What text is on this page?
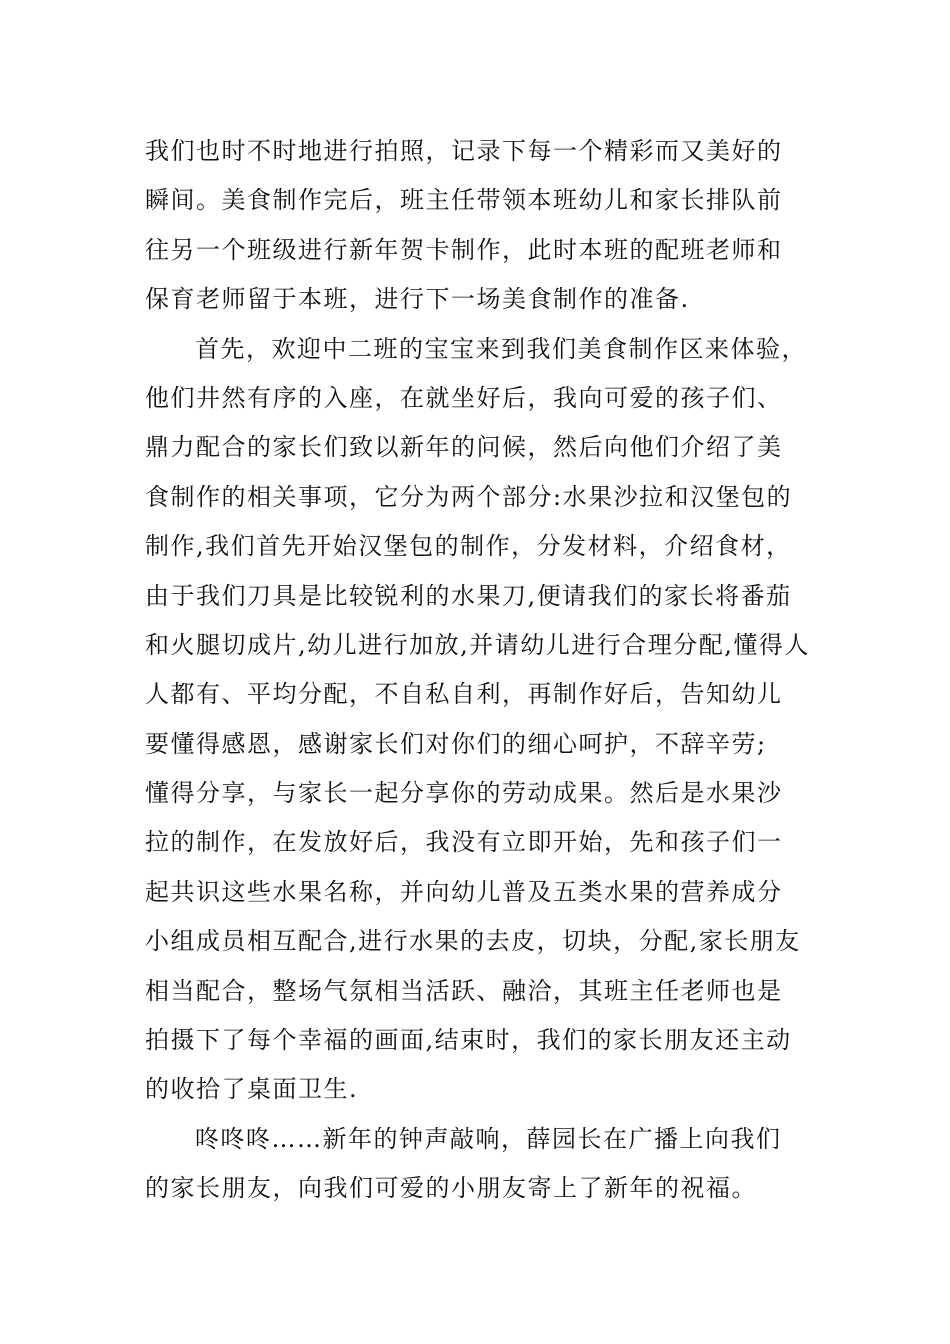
我们也时不时地进行拍照，记录下每一个精彩而又美好的
瞬间。美食制作完后，班主任带领本班幼儿和家长排队前
往另一个班级进行新年贺卡制作，此时本班的配班老师和
保育老师留于本班，进行下一场美食制作的准备.
首先，欢迎中二班的宝宝来到我们美食制作区来体验，
他们井然有序的入座，在就坐好后，我向可爱的孩子们、
鼎力配合的家长们致以新年的问候，然后向他们介绍了美
食制作的相关事项，它分为两个部分:水果沙拉和汉堡包的
制作,我们首先开始汉堡包的制作，分发材料，介绍食材，
由于我们刀具是比较锐利的水果刀,便请我们的家长将番茄
和火腿切成片,幼儿进行加放,并请幼儿进行合理分配,懂得人
人都有、平均分配，不自私自利，再制作好后，告知幼儿
要懂得感恩，感谢家长们对你们的细心呵护，不辞辛劳;
懂得分享，与家长一起分享你的劳动成果。然后是水果沙
拉的制作，在发放好后，我没有立即开始，先和孩子们一
起共识这些水果名称，并向幼儿普及五类水果的营养成分
小组成员相互配合,进行水果的去皮，切块，分配,家长朋友
相当配合，整场气氛相当活跃、融洽，其班主任老师也是
拍摄下了每个幸福的画面,结束时，我们的家长朋友还主动
的收拾了桌面卫生.
咚咚咚……新年的钟声敲响，薛园长在广播上向我们
的家长朋友，向我们可爱的小朋友寄上了新年的祝福。
